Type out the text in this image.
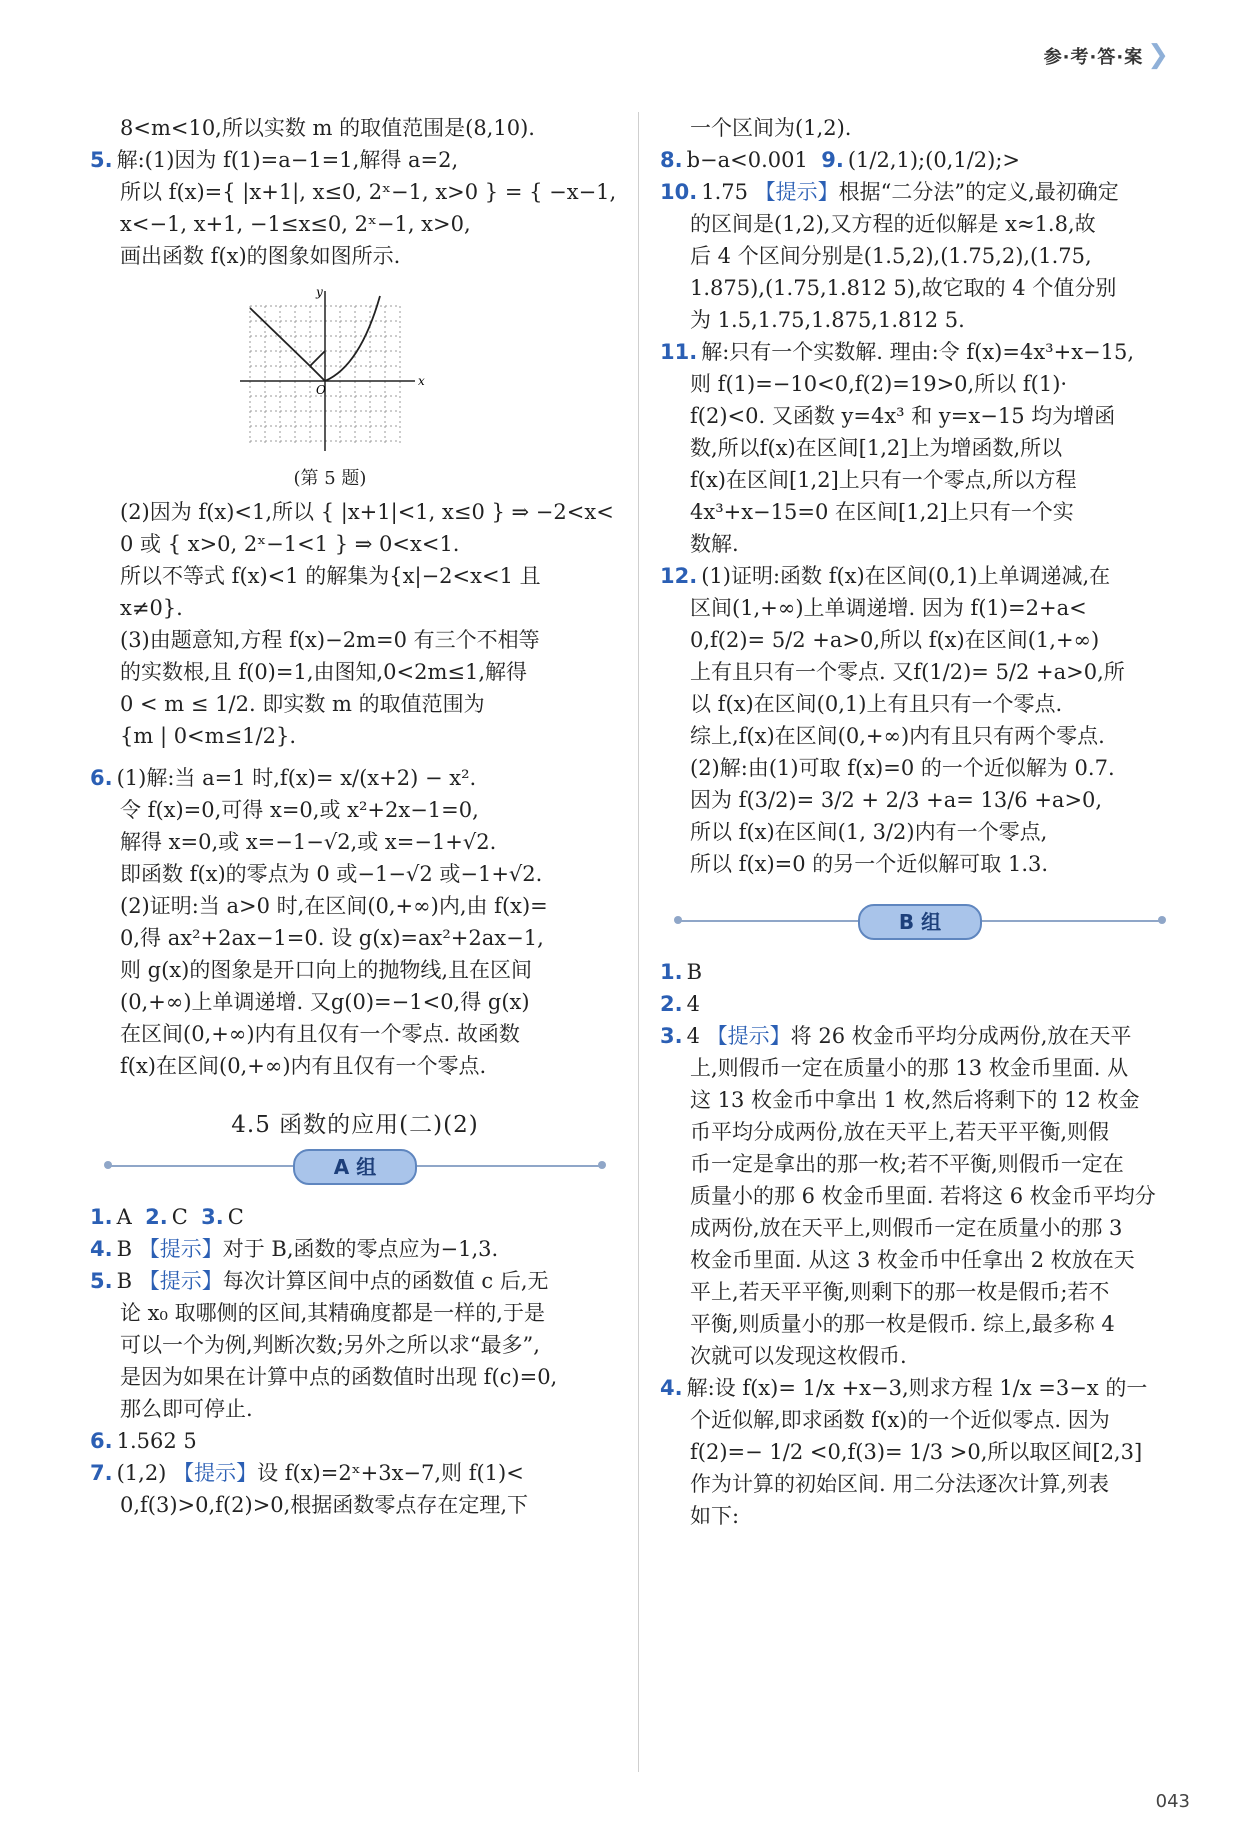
参·考·答·案 ❯

8<m<10,所以实数 m 的取值范围是(8,10).

5. 解:(1)因为 f(1)=a−1=1,解得 a=2,

所以 f(x)={ |x+1|, x≤0, 2ˣ−1, x>0 } = { −x−1, x<−1, x+1, −1≤x≤0, 2ˣ−1, x>0,

画出函数 f(x)的图象如图所示.

x
y
O
(第 5 题)

(2)因为 f(x)<1,所以 { |x+1|<1, x≤0 } ⇒ −2<x<

0 或 { x>0, 2ˣ−1<1 } ⇒ 0<x<1.

所以不等式 f(x)<1 的解集为{x|−2<x<1 且

x≠0}.

(3)由题意知,方程 f(x)−2m=0 有三个不相等

的实数根,且 f(0)=1,由图知,0<2m≤1,解得

0 < m ≤ 1/2. 即实数 m 的取值范围为

{m | 0<m≤1/2}.

6. (1)解:当 a=1 时,f(x)= x/(x+2) − x².

令 f(x)=0,可得 x=0,或 x²+2x−1=0,

解得 x=0,或 x=−1−√2,或 x=−1+√2.

即函数 f(x)的零点为 0 或−1−√2 或−1+√2.

(2)证明:当 a>0 时,在区间(0,+∞)内,由 f(x)=

0,得 ax²+2ax−1=0. 设 g(x)=ax²+2ax−1,

则 g(x)的图象是开口向上的抛物线,且在区间

(0,+∞)上单调递增. 又g(0)=−1<0,得 g(x)

在区间(0,+∞)内有且仅有一个零点. 故函数

f(x)在区间(0,+∞)内有且仅有一个零点.

4.5 函数的应用(二)(2)
A 组

1. A 2. C 3. C

4. B 【提示】对于 B,函数的零点应为−1,3.

5. B 【提示】每次计算区间中点的函数值 c 后,无

论 x₀ 取哪侧的区间,其精确度都是一样的,于是

可以一个为例,判断次数;另外之所以求“最多”,

是因为如果在计算中点的函数值时出现 f(c)=0,

那么即可停止.

6. 1.562 5

7. (1,2) 【提示】设 f(x)=2ˣ+3x−7,则 f(1)<

0,f(3)>0,f(2)>0,根据函数零点存在定理,下

一个区间为(1,2).

8. b−a<0.001 9. (1/2,1);(0,1/2);>

10. 1.75 【提示】根据“二分法”的定义,最初确定

的区间是(1,2),又方程的近似解是 x≈1.8,故

后 4 个区间分别是(1.5,2),(1.75,2),(1.75,

1.875),(1.75,1.812 5),故它取的 4 个值分别

为 1.5,1.75,1.875,1.812 5.

11. 解:只有一个实数解. 理由:令 f(x)=4x³+x−15,

则 f(1)=−10<0,f(2)=19>0,所以 f(1)·

f(2)<0. 又函数 y=4x³ 和 y=x−15 均为增函

数,所以f(x)在区间[1,2]上为增函数,所以

f(x)在区间[1,2]上只有一个零点,所以方程

4x³+x−15=0 在区间[1,2]上只有一个实

数解.

12. (1)证明:函数 f(x)在区间(0,1)上单调递减,在

区间(1,+∞)上单调递增. 因为 f(1)=2+a<

0,f(2)= 5/2 +a>0,所以 f(x)在区间(1,+∞)

上有且只有一个零点. 又f(1/2)= 5/2 +a>0,所

以 f(x)在区间(0,1)上有且只有一个零点.

综上,f(x)在区间(0,+∞)内有且只有两个零点.

(2)解:由(1)可取 f(x)=0 的一个近似解为 0.7.

因为 f(3/2)= 3/2 + 2/3 +a= 13/6 +a>0,

所以 f(x)在区间(1, 3/2)内有一个零点,

所以 f(x)=0 的另一个近似解可取 1.3.

B 组

1. B

2. 4

3. 4 【提示】将 26 枚金币平均分成两份,放在天平

上,则假币一定在质量小的那 13 枚金币里面. 从

这 13 枚金币中拿出 1 枚,然后将剩下的 12 枚金

币平均分成两份,放在天平上,若天平平衡,则假

币一定是拿出的那一枚;若不平衡,则假币一定在

质量小的那 6 枚金币里面. 若将这 6 枚金币平均分

成两份,放在天平上,则假币一定在质量小的那 3

枚金币里面. 从这 3 枚金币中任拿出 2 枚放在天

平上,若天平平衡,则剩下的那一枚是假币;若不

平衡,则质量小的那一枚是假币. 综上,最多称 4

次就可以发现这枚假币.

4. 解:设 f(x)= 1/x +x−3,则求方程 1/x =3−x 的一

个近似解,即求函数 f(x)的一个近似零点. 因为

f(2)=− 1/2 <0,f(3)= 1/3 >0,所以取区间[2,3]

作为计算的初始区间. 用二分法逐次计算,列表

如下:

043
